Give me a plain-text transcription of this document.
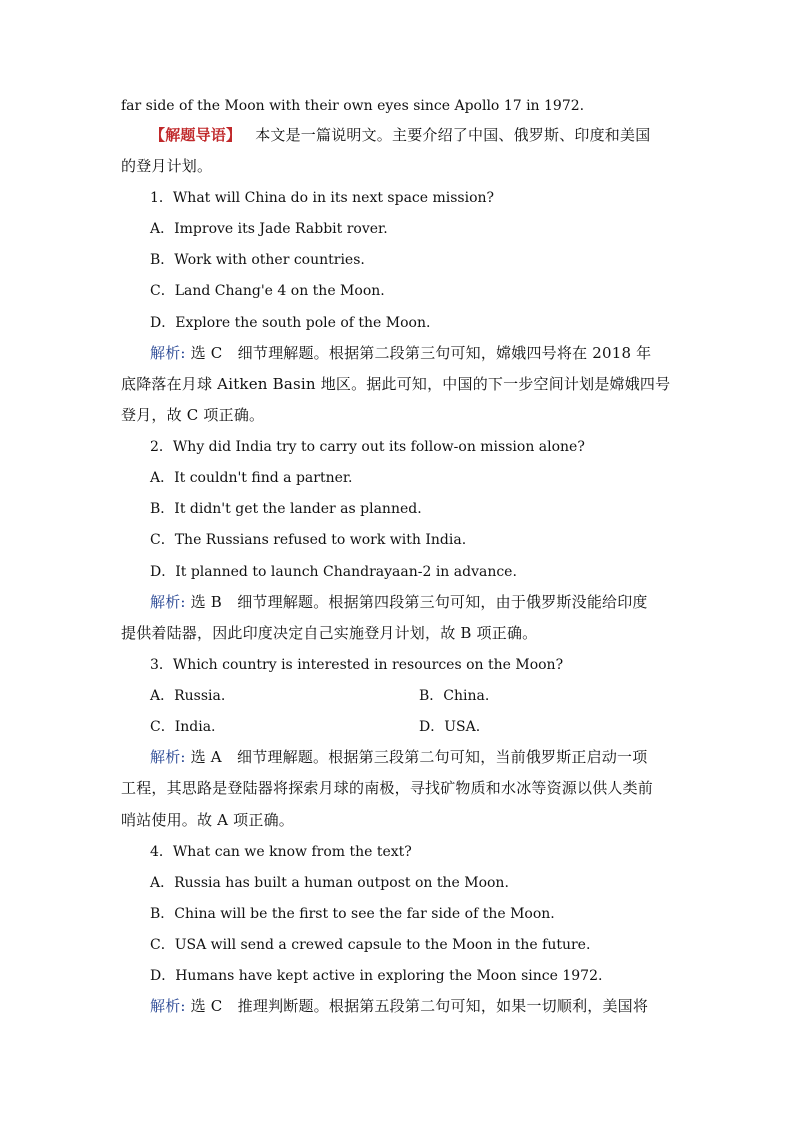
far side of the Moon with their own eyes since Apollo 17 in 1972.
【解题导语】 本文是一篇说明文。主要介绍了中国、俄罗斯、印度和美国
的登月计划。
1．What will China do in its next space mission?
A．Improve its Jade Rabbit rover.
B．Work with other countries.
C．Land Chang'e 4 on the Moon.
D．Explore the south pole of the Moon.
解析: 选 C　细节理解题。根据第二段第三句可知，嫦娥四号将在 2018 年
底降落在月球 Aitken Basin 地区。据此可知，中国的下一步空间计划是嫦娥四号
登月，故 C 项正确。
2．Why did India try to carry out its follow-on mission alone?
A．It couldn't find a partner.
B．It didn't get the lander as planned.
C．The Russians refused to work with India.
D．It planned to launch Chandrayaan-2 in advance.
解析: 选 B　细节理解题。根据第四段第三句可知，由于俄罗斯没能给印度
提供着陆器，因此印度决定自己实施登月计划，故 B 项正确。
3．Which country is interested in resources on the Moon?
A．Russia.	B．China.
C．India.	D．USA.
解析: 选 A　细节理解题。根据第三段第二句可知，当前俄罗斯正启动一项
工程，其思路是登陆器将探索月球的南极，寻找矿物质和水冰等资源以供人类前
哨站使用。故 A 项正确。
4．What can we know from the text?
A．Russia has built a human outpost on the Moon.
B．China will be the first to see the far side of the Moon.
C．USA will send a crewed capsule to the Moon in the future.
D．Humans have kept active in exploring the Moon since 1972.
解析: 选 C　推理判断题。根据第五段第二句可知，如果一切顺利，美国将
